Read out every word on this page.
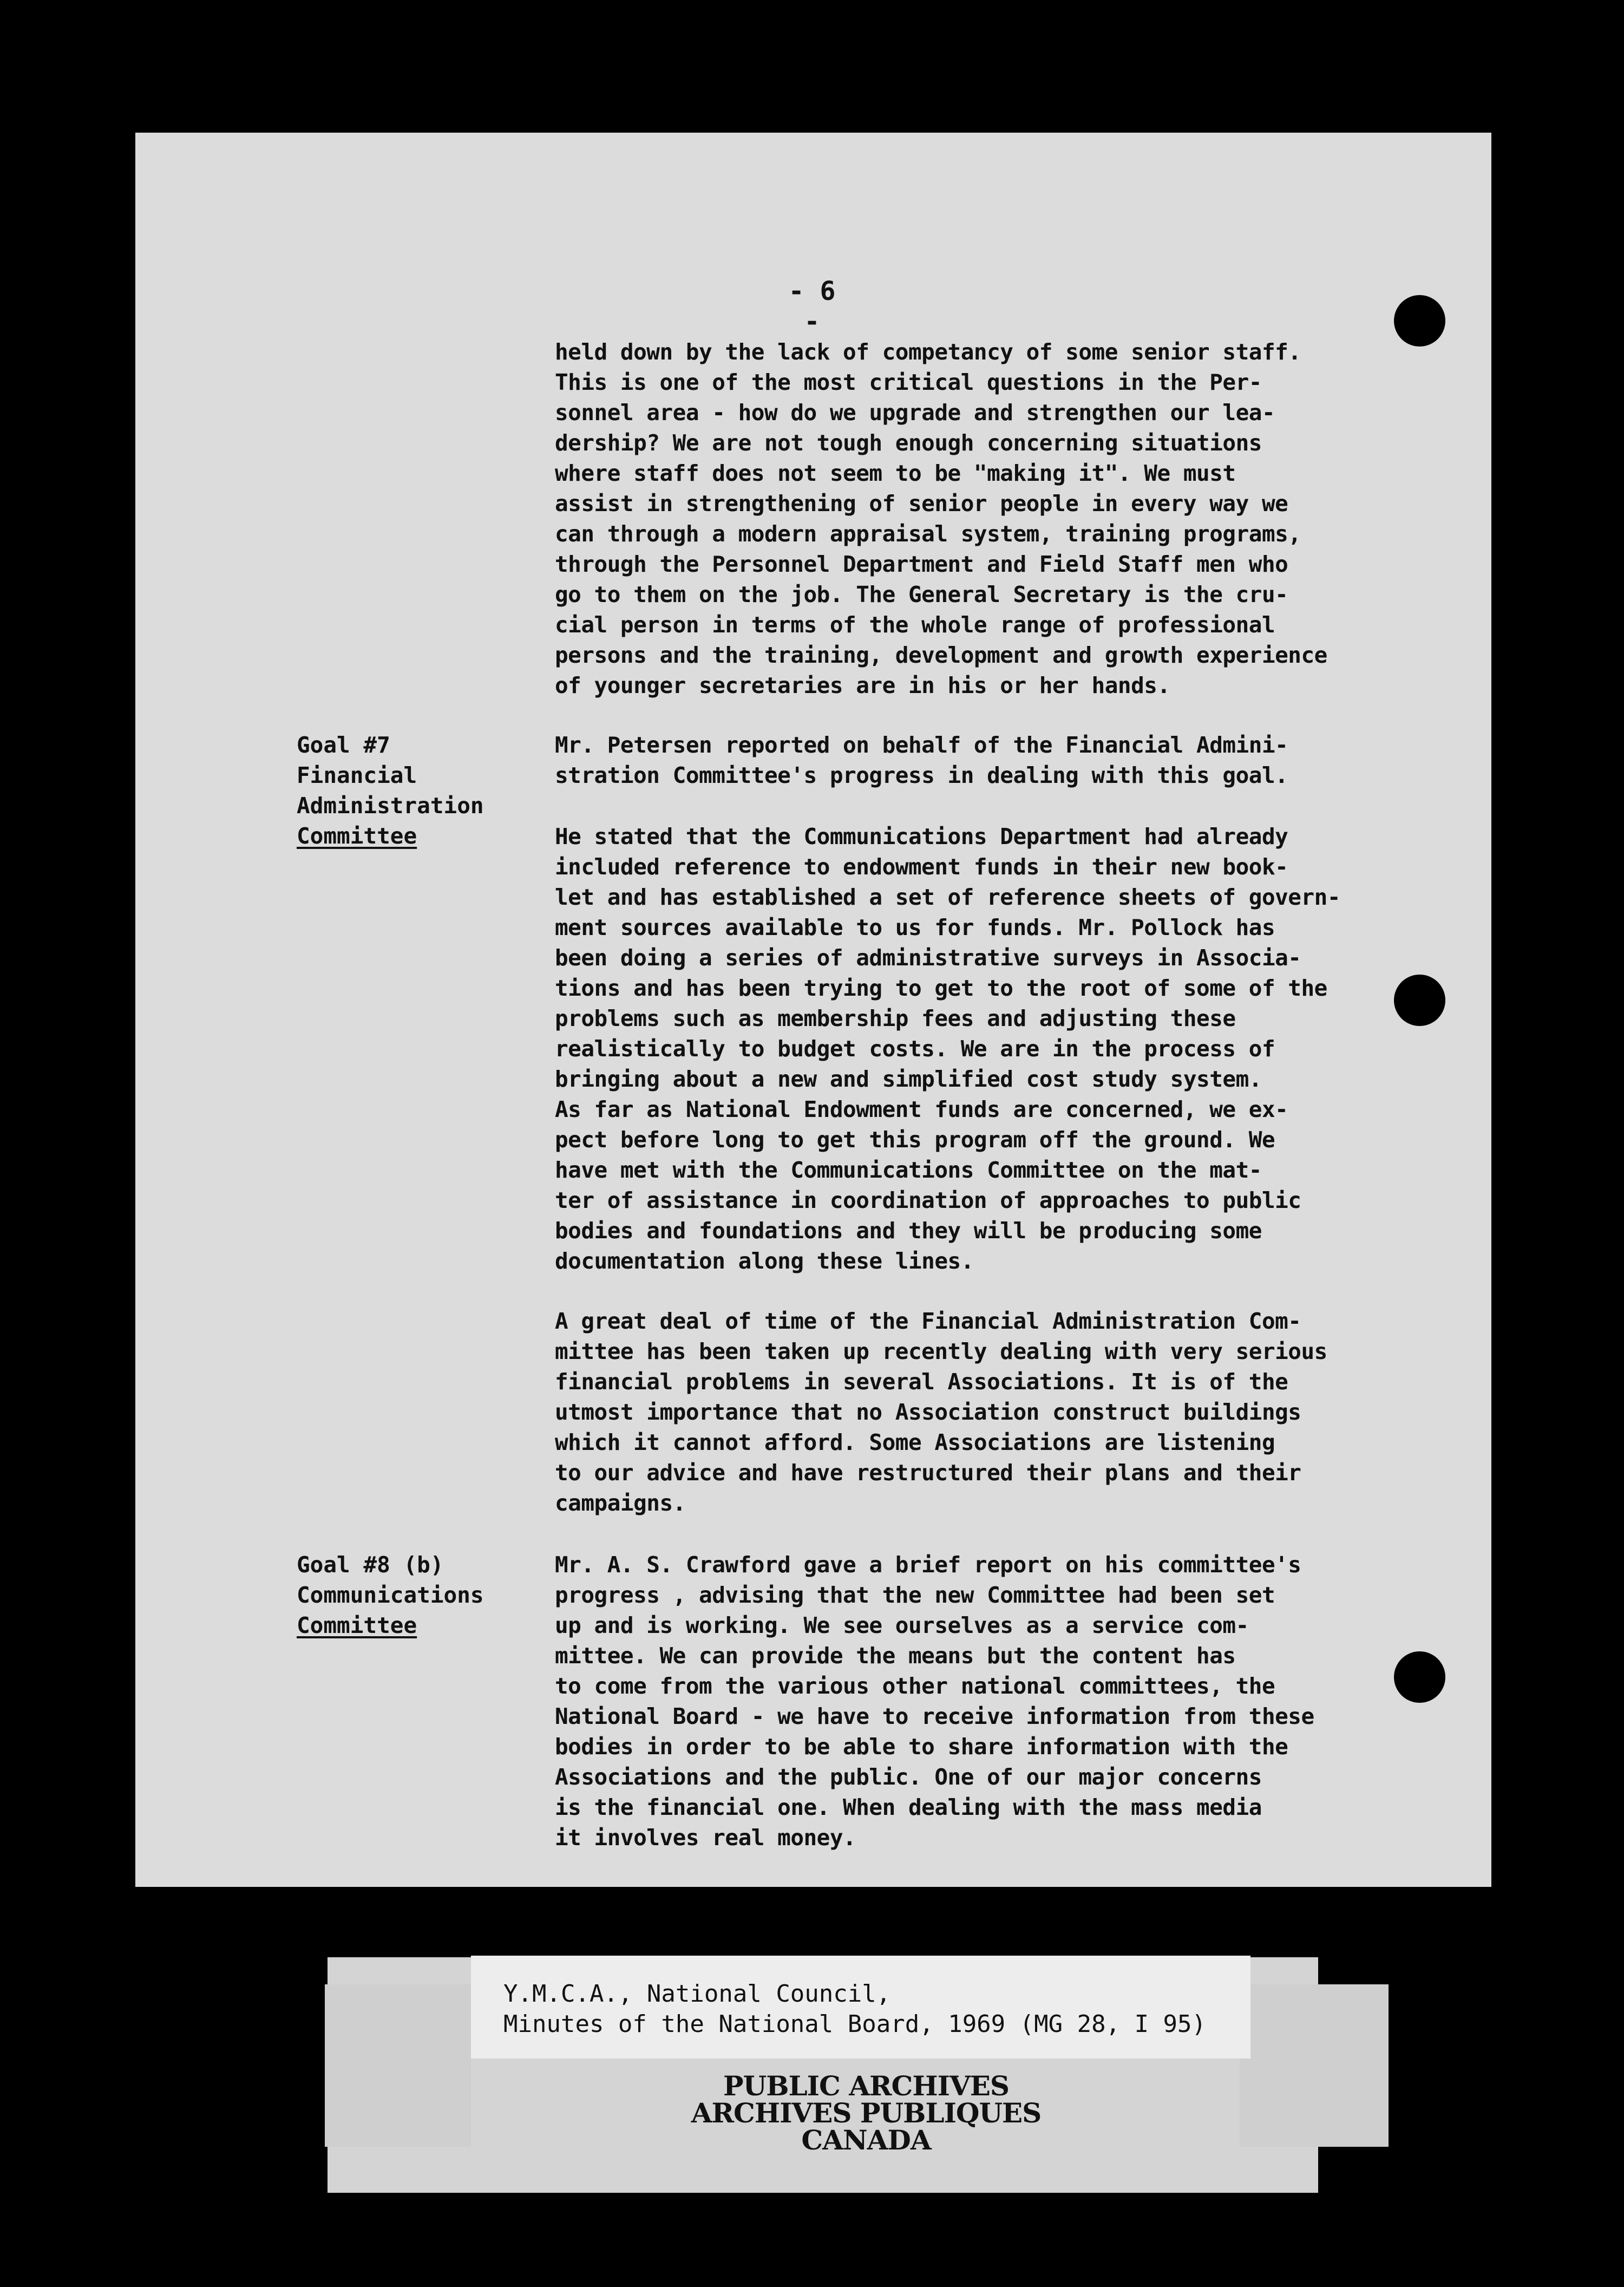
- 6 -
held down by the lack of competancy of some senior staff.
This is one of the most critical questions in the Per-
sonnel area - how do we upgrade and strengthen our lea-
dership? We are not tough enough concerning situations
where staff does not seem to be "making it". We must
assist in strengthening of senior people in every way we
can through a modern appraisal system, training programs,
through the Personnel Department and Field Staff men who
go to them on the job. The General Secretary is the cru-
cial person in terms of the whole range of professional
persons and the training, development and growth experience
of younger secretaries are in his or her hands.
Goal #7
Financial
Administration
Committee
Mr. Petersen reported on behalf of the Financial Admini-
stration Committee's progress in dealing with this goal.
He stated that the Communications Department had already
included reference to endowment funds in their new book-
let and has established a set of reference sheets of govern-
ment sources available to us for funds. Mr. Pollock has
been doing a series of administrative surveys in Associa-
tions and has been trying to get to the root of some of the
problems such as membership fees and adjusting these
realistically to budget costs. We are in the process of
bringing about a new and simplified cost study system.
As far as National Endowment funds are concerned, we ex-
pect before long to get this program off the ground. We
have met with the Communications Committee on the mat-
ter of assistance in coordination of approaches to public
bodies and foundations and they will be producing some
documentation along these lines.
A great deal of time of the Financial Administration Com-
mittee has been taken up recently dealing with very serious
financial problems in several Associations. It is of the
utmost importance that no Association construct buildings
which it cannot afford. Some Associations are listening
to our advice and have restructured their plans and their
campaigns.
Goal #8 (b)
Communications
Committee
Mr. A. S. Crawford gave a brief report on his committee's
progress , advising that the new Committee had been set
up and is working. We see ourselves as a service com-
mittee. We can provide the means but the content has
to come from the various other national committees, the
National Board - we have to receive information from these
bodies in order to be able to share information with the
Associations and the public. One of our major concerns
is the financial one. When dealing with the mass media
it involves real money.
Y.M.C.A., National Council,
Minutes of the National Board, 1969 (MG 28, I 95)
PUBLIC ARCHIVES
ARCHIVES PUBLIQUES
CANADA
